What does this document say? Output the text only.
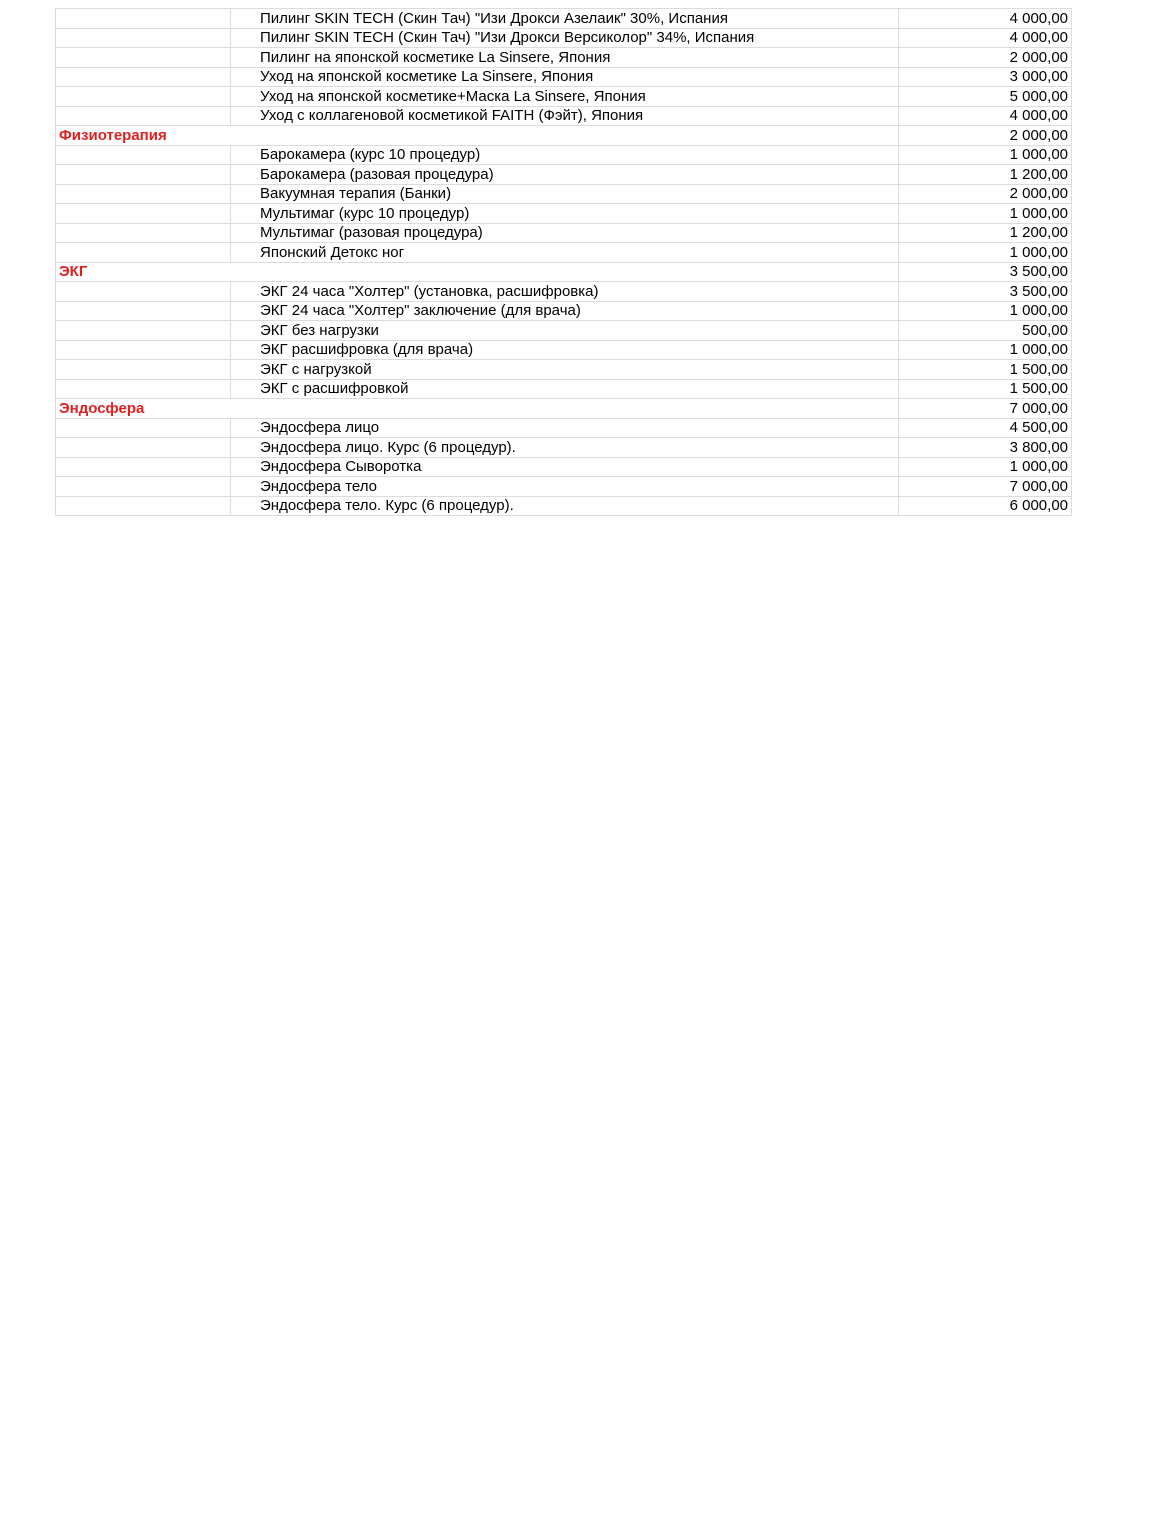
	Пилинг SKIN TECH (Скин Тач) "Изи Дрокси Азелаик" 30%, Испания	4 000,00
	Пилинг SKIN TECH (Скин Тач) "Изи Дрокси Версиколор" 34%, Испания	4 000,00
	Пилинг на японской косметике La Sinsere, Япония	2 000,00
	Уход на японской косметике La Sinsere, Япония	3 000,00
	Уход на японской косметике+Маска La Sinsere, Япония	5 000,00
	Уход с коллагеновой косметикой FAITH (Фэйт), Япония	4 000,00
Физиотерапия		2 000,00
	Барокамера (курс 10 процедур)	1 000,00
	Барокамера (разовая процедура)	1 200,00
	Вакуумная терапия (Банки)	2 000,00
	Мультимаг (курс 10 процедур)	1 000,00
	Мультимаг (разовая процедура)	1 200,00
	Японский Детокс ног	1 000,00
ЭКГ		3 500,00
	ЭКГ 24 часа "Холтер" (установка, расшифровка)	3 500,00
	ЭКГ 24 часа "Холтер" заключение (для врача)	1 000,00
	ЭКГ без нагрузки	500,00
	ЭКГ расшифровка (для врача)	1 000,00
	ЭКГ с нагрузкой	1 500,00
	ЭКГ с расшифровкой	1 500,00
Эндосфера		7 000,00
	Эндосфера лицо	4 500,00
	Эндосфера лицо. Курс (6 процедур).	3 800,00
	Эндосфера Сыворотка	1 000,00
	Эндосфера тело	7 000,00
	Эндосфера тело. Курс (6 процедур).	6 000,00
